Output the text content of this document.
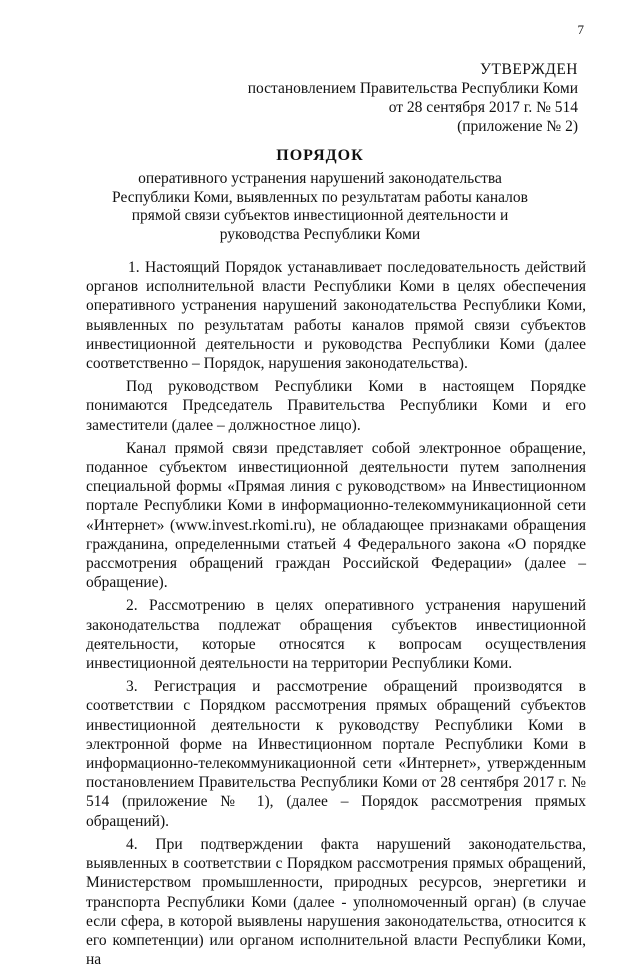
7
УТВЕРЖДЕН
постановлением Правительства Республики Коми
от 28 сентября 2017 г. № 514
(приложение № 2)
ПОРЯДОК
оперативного устранения нарушений законодательства
Республики Коми, выявленных по результатам работы каналов
прямой связи субъектов инвестиционной деятельности и
руководства Республики Коми

1. Настоящий Порядок устанавливает последовательность действий органов исполнительной власти Республики Коми в целях обеспечения оперативного устранения нарушений законодательства Республики Коми, выявленных по результатам работы каналов прямой связи субъектов инвестиционной деятельности и руководства Республики Коми (далее соответственно – Порядок, нарушения законодательства).

Под руководством Республики Коми в настоящем Порядке понимаются Председатель Правительства Республики Коми и его заместители (далее – должностное лицо).

Канал прямой связи представляет собой электронное обращение, поданное субъектом инвестиционной деятельности путем заполнения специальной формы «Прямая линия с руководством» на Инвестиционном портале Республики Коми в информационно-телекоммуникационной сети «Интернет» (www.invest.rkomi.ru), не обладающее признаками обращения гражданина, определенными статьей 4 Федерального закона «О порядке рассмотрения обращений граждан Российской Федерации» (далее – обращение).

2. Рассмотрению в целях оперативного устранения нарушений законодательства подлежат обращения субъектов инвестиционной деятельности, которые относятся к вопросам осуществления инвестиционной деятельности на территории Республики Коми.

3. Регистрация и рассмотрение обращений производятся в соответствии с Порядком рассмотрения прямых обращений субъектов инвестиционной деятельности к руководству Республики Коми в электронной форме на Инвестиционном портале Республики Коми в информационно-телекоммуникационной сети «Интернет», утвержденным постановлением Правительства Республики Коми от 28 сентября 2017 г. № 514 (приложение № 1), (далее – Порядок рассмотрения прямых обращений).

4. При подтверждении факта нарушений законодательства, выявленных в соответствии с Порядком рассмотрения прямых обращений, Министерством промышленности, природных ресурсов, энергетики и транспорта Республики Коми (далее - уполномоченный орган) (в случае если сфера, в которой выявлены нарушения законодательства, относится к его компетенции) или органом исполнительной власти Республики Коми, на
